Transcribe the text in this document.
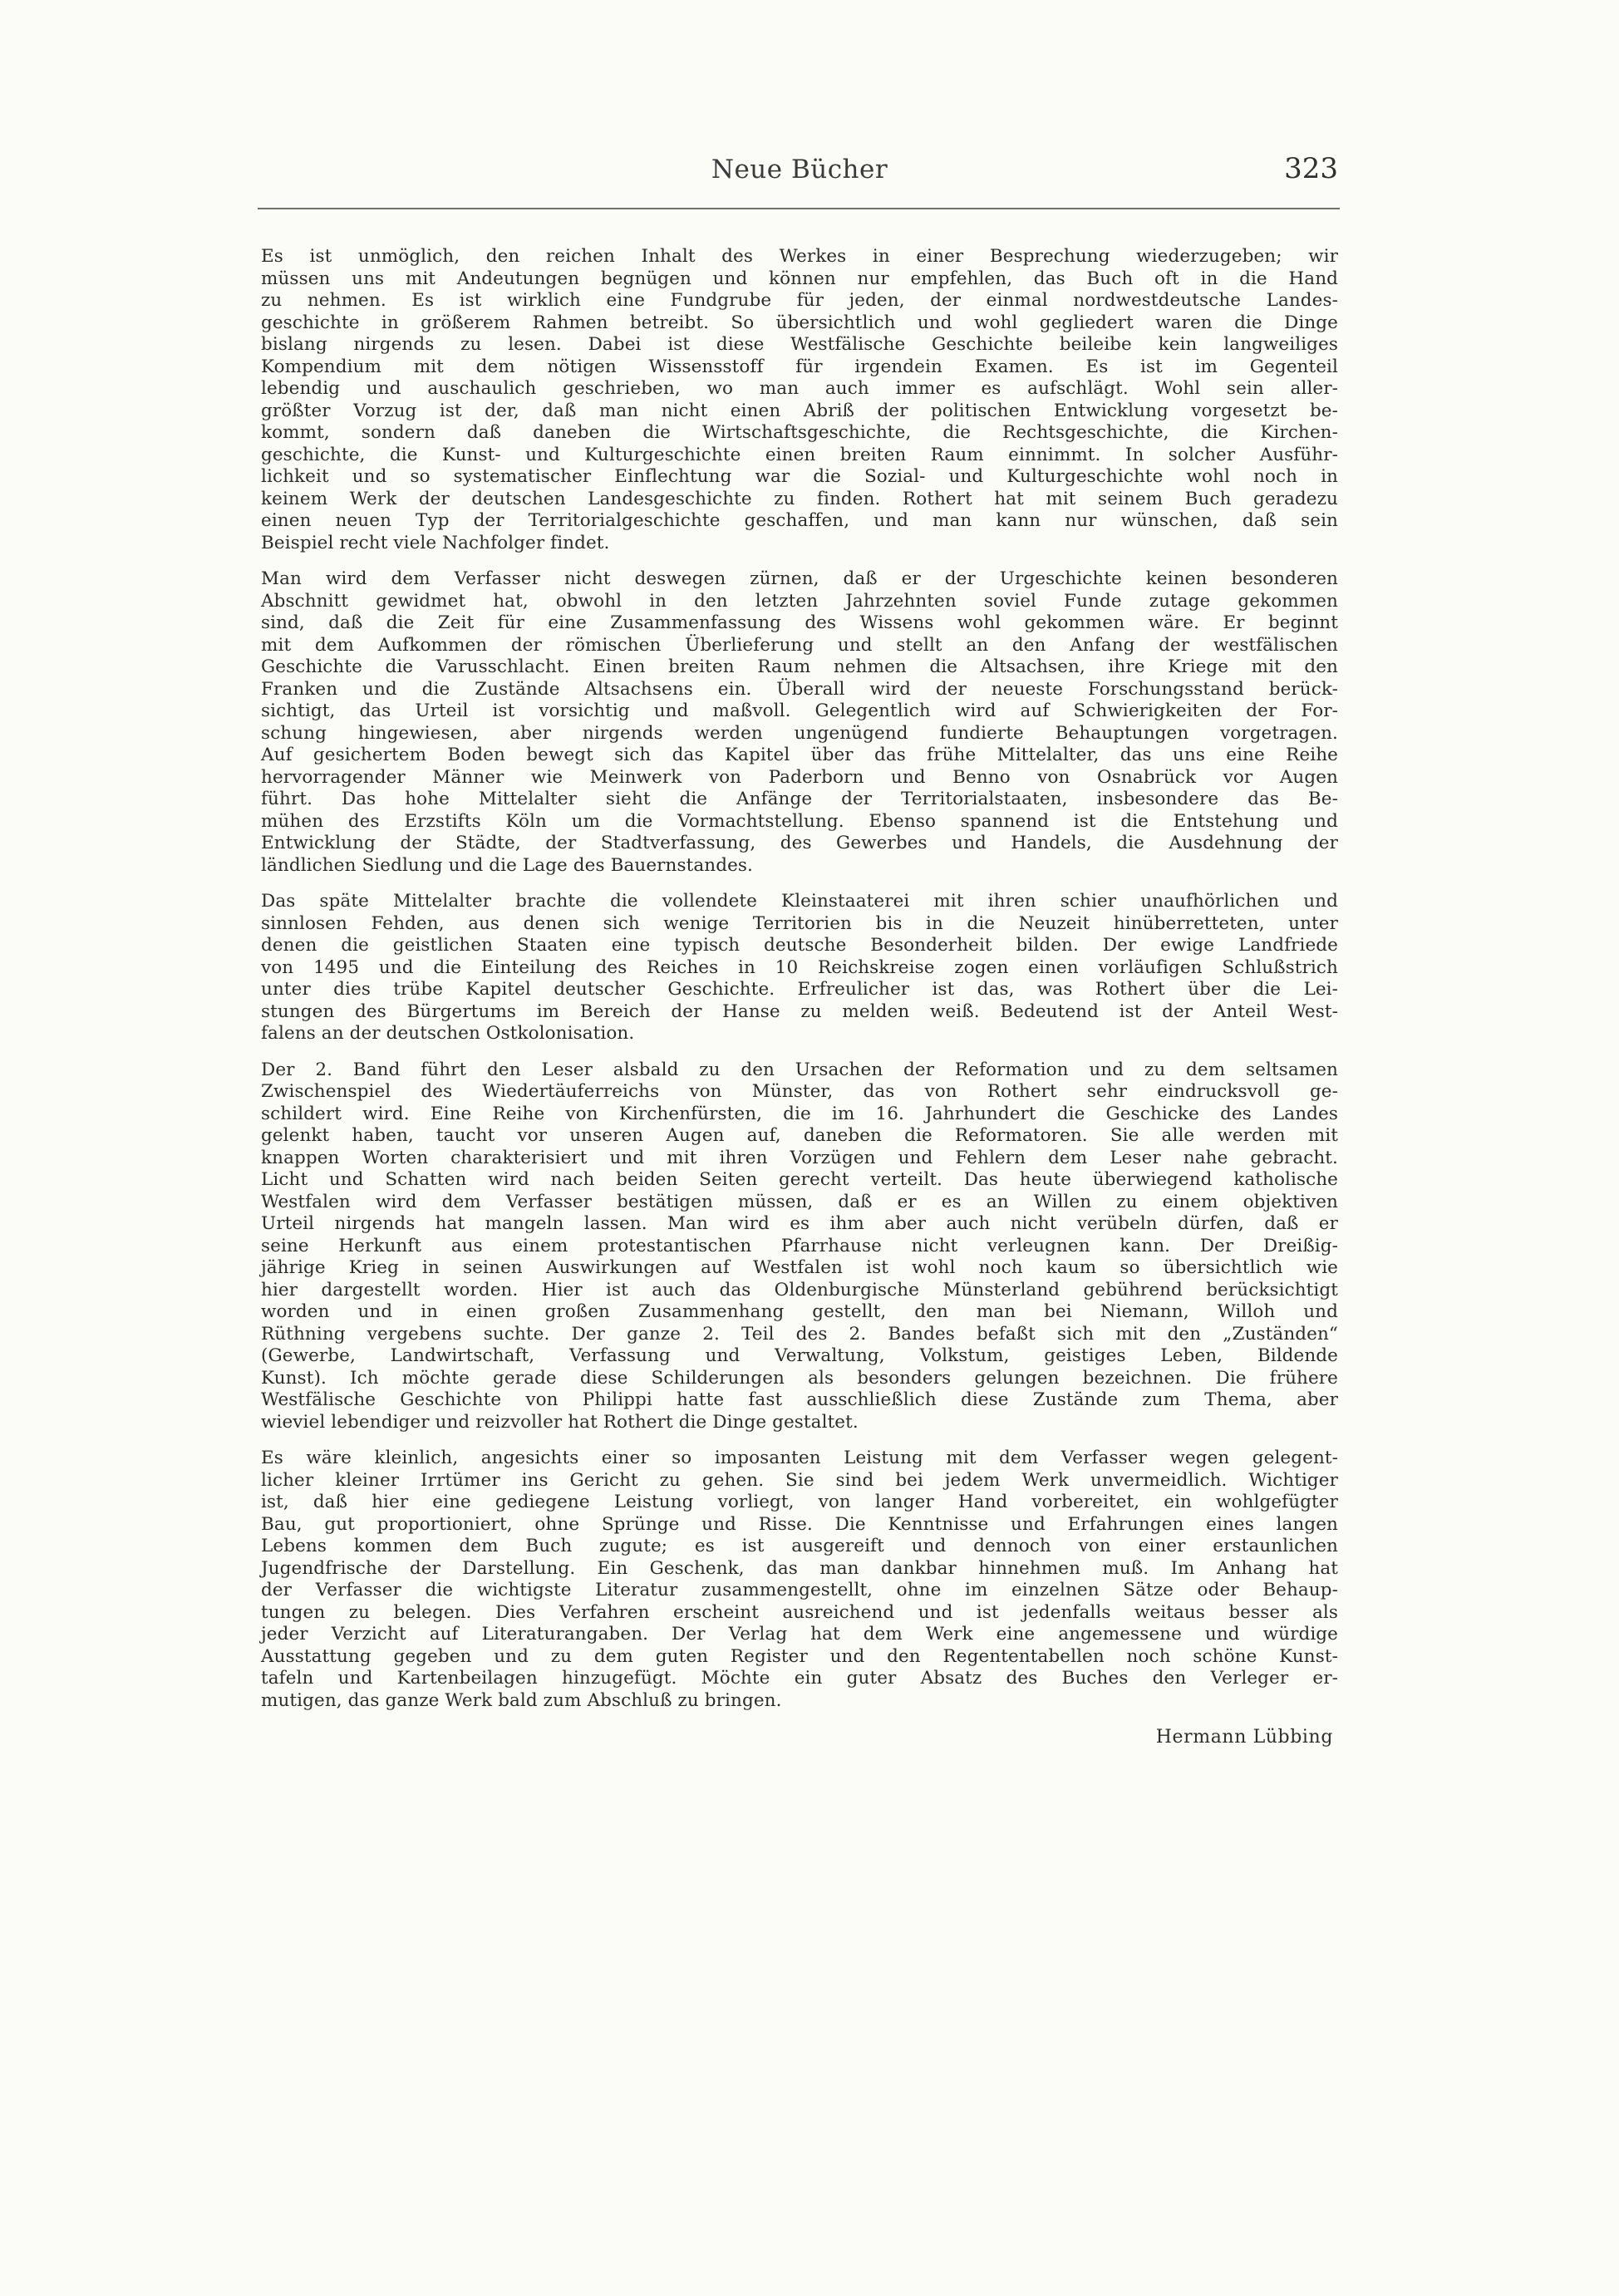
Neue Bücher	323
Es ist unmöglich, den reichen Inhalt des Werkes in einer Besprechung wiederzugeben; wir
müssen uns mit Andeutungen begnügen und können nur empfehlen, das Buch oft in die Hand
zu nehmen. Es ist wirklich eine Fundgrube für jeden, der einmal nordwestdeutsche Landes-
geschichte in größerem Rahmen betreibt. So übersichtlich und wohl gegliedert waren die Dinge
bislang nirgends zu lesen. Dabei ist diese Westfälische Geschichte beileibe kein langweiliges
Kompendium mit dem nötigen Wissensstoff für irgendein Examen. Es ist im Gegenteil
lebendig und auschaulich geschrieben, wo man auch immer es aufschlägt. Wohl sein aller-
größter Vorzug ist der, daß man nicht einen Abriß der politischen Entwicklung vorgesetzt be-
kommt, sondern daß daneben die Wirtschaftsgeschichte, die Rechtsgeschichte, die Kirchen-
geschichte, die Kunst- und Kulturgeschichte einen breiten Raum einnimmt. In solcher Ausführ-
lichkeit und so systematischer Einflechtung war die Sozial- und Kulturgeschichte wohl noch in
keinem Werk der deutschen Landesgeschichte zu finden. Rothert hat mit seinem Buch geradezu
einen neuen Typ der Territorialgeschichte geschaffen, und man kann nur wünschen, daß sein
Beispiel recht viele Nachfolger findet.
Man wird dem Verfasser nicht deswegen zürnen, daß er der Urgeschichte keinen besonderen
Abschnitt gewidmet hat, obwohl in den letzten Jahrzehnten soviel Funde zutage gekommen
sind, daß die Zeit für eine Zusammenfassung des Wissens wohl gekommen wäre. Er beginnt
mit dem Aufkommen der römischen Überlieferung und stellt an den Anfang der westfälischen
Geschichte die Varusschlacht. Einen breiten Raum nehmen die Altsachsen, ihre Kriege mit den
Franken und die Zustände Altsachsens ein. Überall wird der neueste Forschungsstand berück-
sichtigt, das Urteil ist vorsichtig und maßvoll. Gelegentlich wird auf Schwierigkeiten der For-
schung hingewiesen, aber nirgends werden ungenügend fundierte Behauptungen vorgetragen.
Auf gesichertem Boden bewegt sich das Kapitel über das frühe Mittelalter, das uns eine Reihe
hervorragender Männer wie Meinwerk von Paderborn und Benno von Osnabrück vor Augen
führt. Das hohe Mittelalter sieht die Anfänge der Territorialstaaten, insbesondere das Be-
mühen des Erzstifts Köln um die Vormachtstellung. Ebenso spannend ist die Entstehung und
Entwicklung der Städte, der Stadtverfassung, des Gewerbes und Handels, die Ausdehnung der
ländlichen Siedlung und die Lage des Bauernstandes.
Das späte Mittelalter brachte die vollendete Kleinstaaterei mit ihren schier unaufhörlichen und
sinnlosen Fehden, aus denen sich wenige Territorien bis in die Neuzeit hinüberretteten, unter
denen die geistlichen Staaten eine typisch deutsche Besonderheit bilden. Der ewige Landfriede
von 1495 und die Einteilung des Reiches in 10 Reichskreise zogen einen vorläufigen Schlußstrich
unter dies trübe Kapitel deutscher Geschichte. Erfreulicher ist das, was Rothert über die Lei-
stungen des Bürgertums im Bereich der Hanse zu melden weiß. Bedeutend ist der Anteil West-
falens an der deutschen Ostkolonisation.
Der 2. Band führt den Leser alsbald zu den Ursachen der Reformation und zu dem seltsamen
Zwischenspiel des Wiedertäuferreichs von Münster, das von Rothert sehr eindrucksvoll ge-
schildert wird. Eine Reihe von Kirchenfürsten, die im 16. Jahrhundert die Geschicke des Landes
gelenkt haben, taucht vor unseren Augen auf, daneben die Reformatoren. Sie alle werden mit
knappen Worten charakterisiert und mit ihren Vorzügen und Fehlern dem Leser nahe gebracht.
Licht und Schatten wird nach beiden Seiten gerecht verteilt. Das heute überwiegend katholische
Westfalen wird dem Verfasser bestätigen müssen, daß er es an Willen zu einem objektiven
Urteil nirgends hat mangeln lassen. Man wird es ihm aber auch nicht verübeln dürfen, daß er
seine Herkunft aus einem protestantischen Pfarrhause nicht verleugnen kann. Der Dreißig-
jährige Krieg in seinen Auswirkungen auf Westfalen ist wohl noch kaum so übersichtlich wie
hier dargestellt worden. Hier ist auch das Oldenburgische Münsterland gebührend berücksichtigt
worden und in einen großen Zusammenhang gestellt, den man bei Niemann, Willoh und
Rüthning vergebens suchte. Der ganze 2. Teil des 2. Bandes befaßt sich mit den „Zuständen“
(Gewerbe, Landwirtschaft, Verfassung und Verwaltung, Volkstum, geistiges Leben, Bildende
Kunst). Ich möchte gerade diese Schilderungen als besonders gelungen bezeichnen. Die frühere
Westfälische Geschichte von Philippi hatte fast ausschließlich diese Zustände zum Thema, aber
wieviel lebendiger und reizvoller hat Rothert die Dinge gestaltet.
Es wäre kleinlich, angesichts einer so imposanten Leistung mit dem Verfasser wegen gelegent-
licher kleiner Irrtümer ins Gericht zu gehen. Sie sind bei jedem Werk unvermeidlich. Wichtiger
ist, daß hier eine gediegene Leistung vorliegt, von langer Hand vorbereitet, ein wohlgefügter
Bau, gut proportioniert, ohne Sprünge und Risse. Die Kenntnisse und Erfahrungen eines langen
Lebens kommen dem Buch zugute; es ist ausgereift und dennoch von einer erstaunlichen
Jugendfrische der Darstellung. Ein Geschenk, das man dankbar hinnehmen muß. Im Anhang hat
der Verfasser die wichtigste Literatur zusammengestellt, ohne im einzelnen Sätze oder Behaup-
tungen zu belegen. Dies Verfahren erscheint ausreichend und ist jedenfalls weitaus besser als
jeder Verzicht auf Literaturangaben. Der Verlag hat dem Werk eine angemessene und würdige
Ausstattung gegeben und zu dem guten Register und den Regententabellen noch schöne Kunst-
tafeln und Kartenbeilagen hinzugefügt. Möchte ein guter Absatz des Buches den Verleger er-
mutigen, das ganze Werk bald zum Abschluß zu bringen.
Hermann Lübbing
